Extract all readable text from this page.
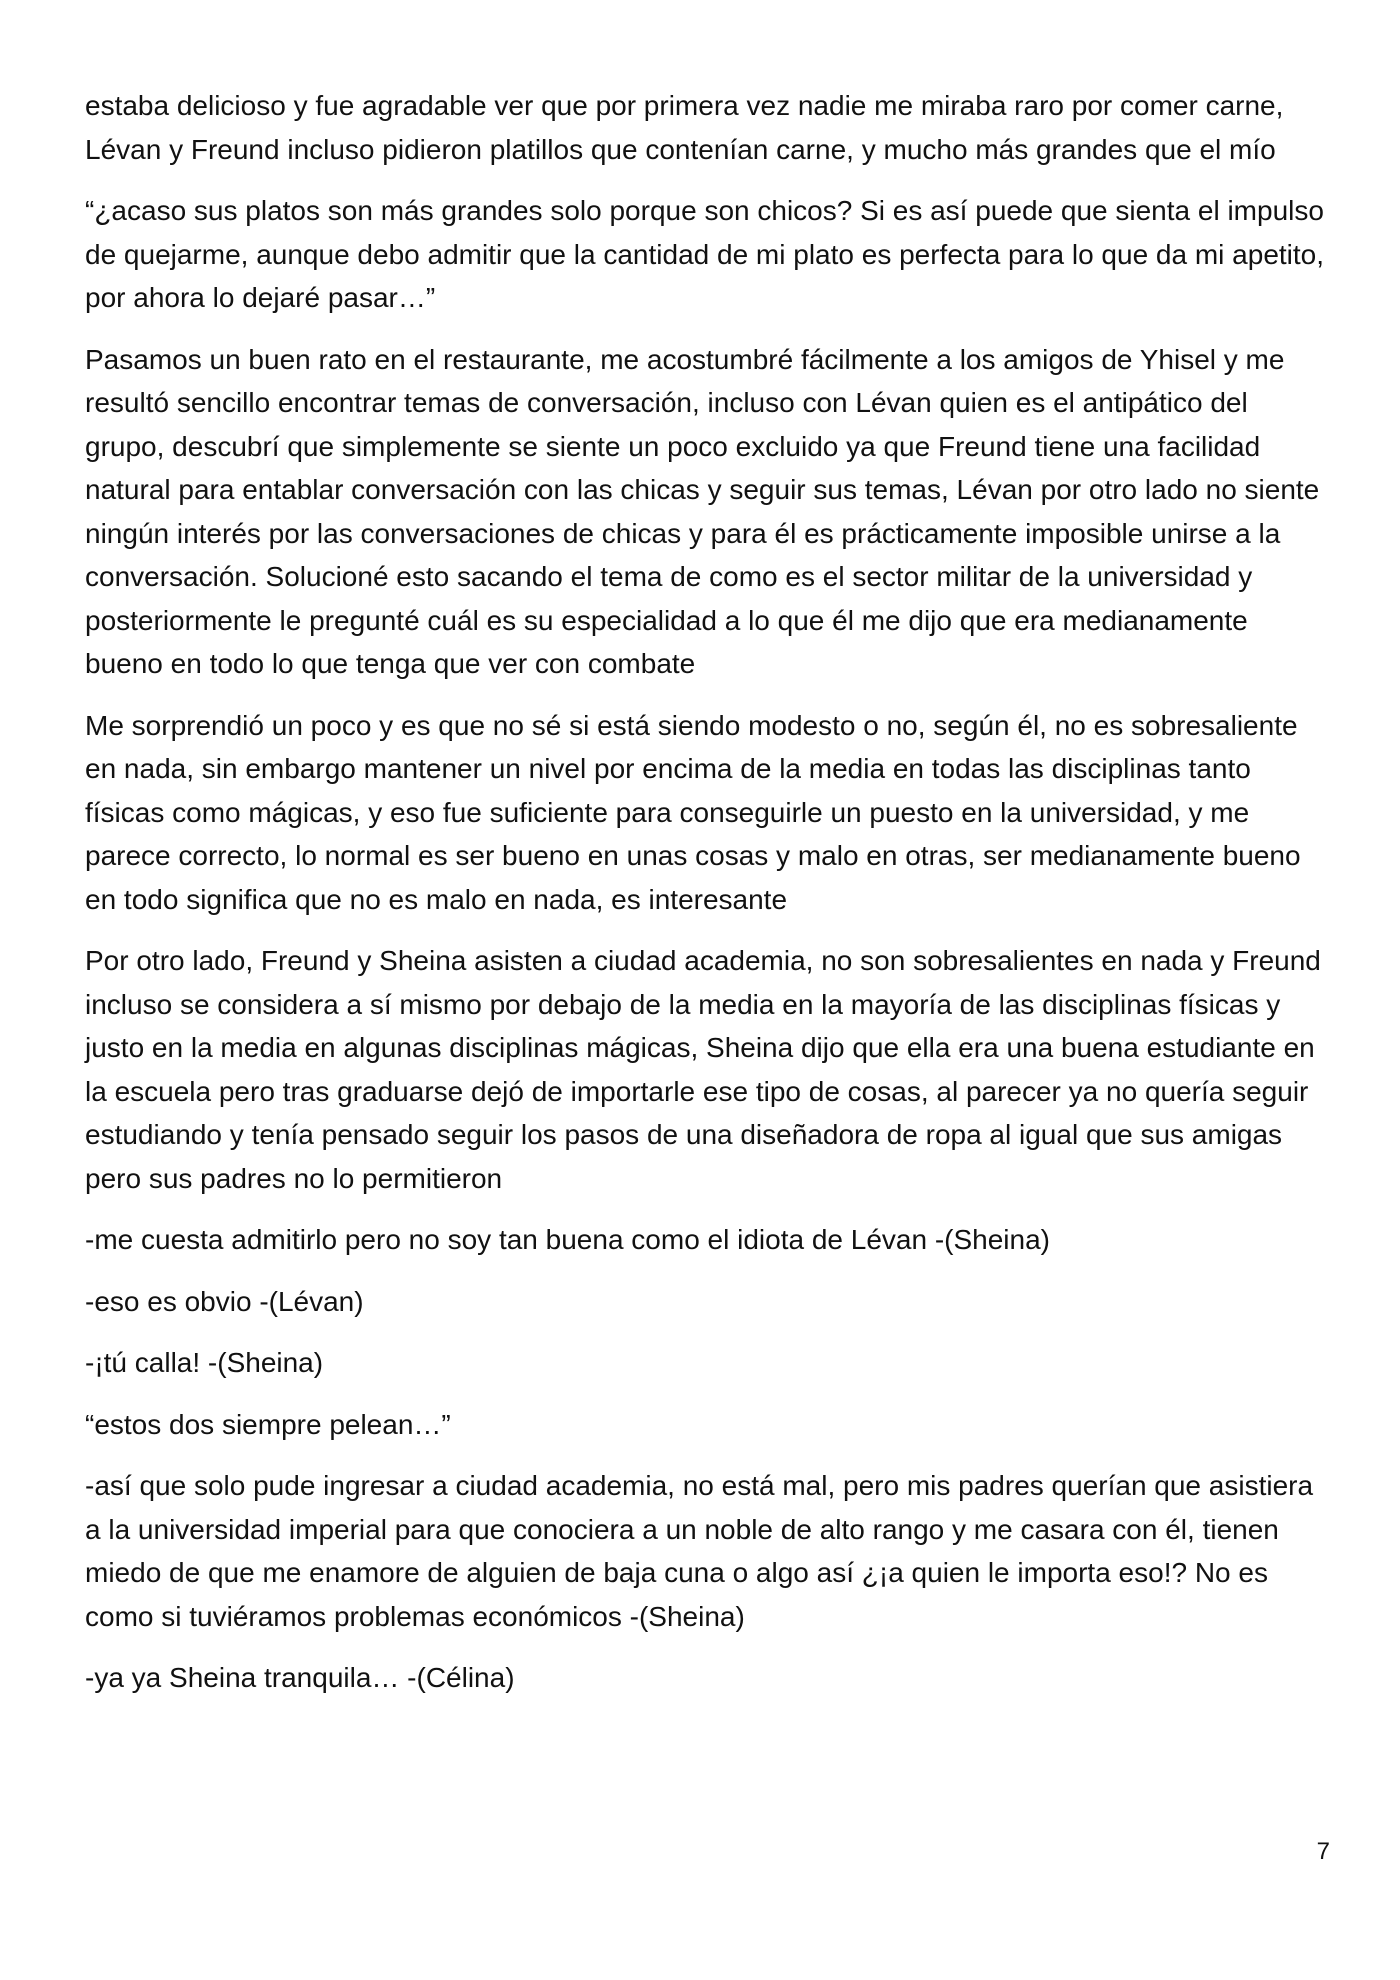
estaba delicioso y fue agradable ver que por primera vez nadie me miraba raro por comer carne, Lévan y Freund incluso pidieron platillos que contenían carne, y mucho más grandes que el mío

“¿acaso sus platos son más grandes solo porque son chicos? Si es así puede que sienta el impulso de quejarme, aunque debo admitir que la cantidad de mi plato es perfecta para lo que da mi apetito, por ahora lo dejaré pasar…”

Pasamos un buen rato en el restaurante, me acostumbré fácilmente a los amigos de Yhisel y me resultó sencillo encontrar temas de conversación, incluso con Lévan quien es el antipático del grupo, descubrí que simplemente se siente un poco excluido ya que Freund tiene una facilidad natural para entablar conversación con las chicas y seguir sus temas, Lévan por otro lado no siente ningún interés por las conversaciones de chicas y para él es prácticamente imposible unirse a la conversación. Solucioné esto sacando el tema de como es el sector militar de la universidad y posteriormente le pregunté cuál es su especialidad a lo que él me dijo que era medianamente bueno en todo lo que tenga que ver con combate

Me sorprendió un poco y es que no sé si está siendo modesto o no, según él, no es sobresaliente en nada, sin embargo mantener un nivel por encima de la media en todas las disciplinas tanto físicas como mágicas, y eso fue suficiente para conseguirle un puesto en la universidad, y me parece correcto, lo normal es ser bueno en unas cosas y malo en otras, ser medianamente bueno en todo significa que no es malo en nada, es interesante

Por otro lado, Freund y Sheina asisten a ciudad academia, no son sobresalientes en nada y Freund incluso se considera a sí mismo por debajo de la media en la mayoría de las disciplinas físicas y justo en la media en algunas disciplinas mágicas, Sheina dijo que ella era una buena estudiante en la escuela pero tras graduarse dejó de importarle ese tipo de cosas, al parecer ya no quería seguir estudiando y tenía pensado seguir los pasos de una diseñadora de ropa al igual que sus amigas pero sus padres no lo permitieron

-me cuesta admitirlo pero no soy tan buena como el idiota de Lévan -(Sheina)

-eso es obvio -(Lévan)

-¡tú calla! -(Sheina)

“estos dos siempre pelean…”

-así que solo pude ingresar a ciudad academia, no está mal, pero mis padres querían que asistiera a la universidad imperial para que conociera a un noble de alto rango y me casara con él, tienen miedo de que me enamore de alguien de baja cuna o algo así ¿¡a quien le importa eso!? No es como si tuviéramos problemas económicos -(Sheina)

-ya ya Sheina tranquila… -(Célina)

7
